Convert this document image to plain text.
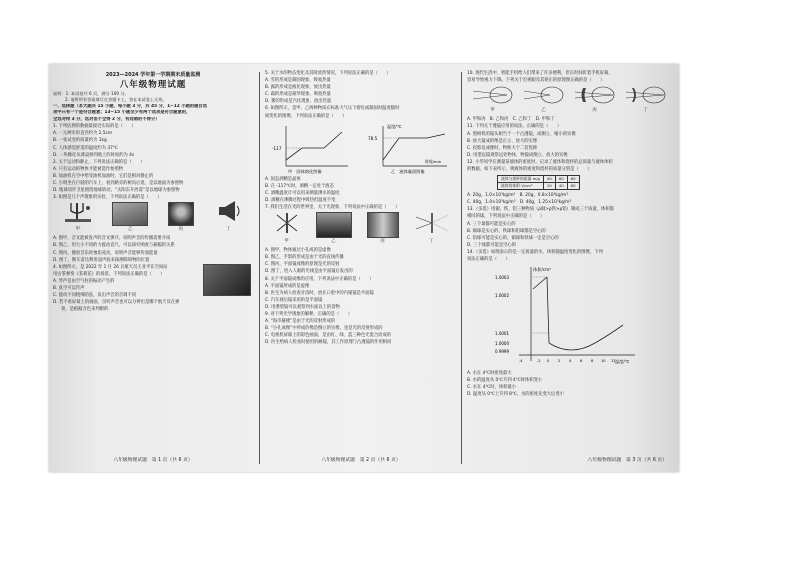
2023—2024 学年第一学期期末质量监测
八年级物理试题
说明：1. 本试卷共 6 页，满分 100 分。
2. 请将所有答案填写在答题卡上，答在本试卷上无效。
一、选择题（本大题共 15 小题，每小题 3 分，共 45 分，1~12 小题的题目选
项中只有一个是符合题意；13~15 小题至少有两个选项是符合题意的，
全选对得 3 分，选对但不全得 2 分，有选错的不得分）
1. 下列估测的数据最接近实际的是（　　）
A. 一元硬币的直径约为 2.5cm
B. 一张试卷的质量约为 1kg
C. 人体感觉舒适的温度约为 37℃
D. 一块橡皮从课桌掉到地上的时间约为 4s
2. 关于运动和静止，下列说法正确的是（　　）
A. 只有运动的物体才能被选作参照物
B. 加油机在空中给受油机加油时，它们是相对静止的
C. 小明坐在行驶的汽车上，看到路旁的树向后退，是以地面为参照物
D. 地球同步卫星围绕地球转动，“太阳东升西落”是以地球为参照物
3. 如图是几个声现象的实验，下列说法正确的是（　　）
甲	乙	丙	丁
A. 图甲，音叉能被发声的音叉弹开，说明声音的传播需要介质
B. 图乙，用大小不同的力拨动直尺，可以探究响度与振幅的关系
C. 图丙，播放音乐时烛焰晃动，说明声音能够传递能量
D. 图丁，倒车雷达利用超声波来探测障碍物的位置
4. 如图所示，是 2022 年 1 月 26 日航天员王亚平在空间站
用古筝弹奏《茉莉花》的场景，下列说法正确的是（　　）
A. 琴声是由空气柱的振动产生的
B. 真空可以传声
C. 拨动不同粗细的弦，发出声音的音调不同
D. 若不看屏幕上的画面，仅听声音也可以分辨出是哪个航天员在弹
奏，是根据音色来判断的
八年级物理试题　第 1 页（共 6 页）
5. 关于水的物态变化及其吸放热情况，下列说法正确的是（　　）
A. 雪的形成是凝固现象，吸收热量
B. 露的形成是液化现象，放出热量
C. 霜的形成是凝华现象，吸收热量
D. 雾的形成是汽化现象，放出热量
6. 如图所示，是甲、乙两种物质在标准大气压下熔化或凝固时温度随时
间变化的图像，下列说法正确的是（　　）
-117
甲　固体熔化图像
温度/℃
78.5
时间/min
乙　液体凝固图像
A. 固态酒精是晶体
B. 在 -117℃时，酒精一定处于液态
C. 酒精温度计可以用来测量沸水的温度
D. 酒精在沸腾过程中吸热但温度不变
7. 我们生活在光的世界里，关于光现象，下列说法中正确的是（　　）
甲	乙	丙	丁
A. 图甲，物体通过小孔成的是虚像
B. 图乙，手影的形成是由于光的直线传播
C. 图丙，平面镜成像的原理是光的反射
D. 图丁，进入人眼的光线是由平面镜后发出的
8. 关于平面镜成像的应用，下列说法中正确的是（　　）
A. 平面镜所成的是虚像
B. 医生为病人检查牙齿时，放在口腔中的内窥镜是平面镜
C. 汽车观后镜采用的是平面镜
D. 用潜望镜可以观察到水面以上的景物
9. 对下列光学现象的解释，正确的是（　　）
A. “海市蜃楼”是由于光的反射形成的
B. “小孔成像”中所成的像是倒立的实像，也是光的反射形成的
C. 电视机屏幕上的彩色画面，是由红、绿、蓝三种色光混合而成的
D. 医生给病人检查时使用的额镜，其工作原理与凸透镜的作用相同
八年级物理试题　第 2 页（共 6 页）
10. 现代生活中，智能手机给人们带来了许多便利，但长时间盯着手机屏幕，
容易导致视力下降。下列关于近视眼及其矫正的原理图正确的是（　　）
甲	乙	丙	丁
A. 甲和丙　B. 乙和丙　C. 乙和丁　D. 甲和丁
11. 下列关于透镜应用的说法，正确的是（　　）
A. 照相机的镜头相当于一个凸透镜，成倒立、缩小的实像
B. 放大镜成的像是正立、放大的实像
C. 投影仪成像时，物距大于二倍焦距
D. 用望远镜观察远处物体，物镜成倒立、放大的实像
12. 小华同学在测量某液体的密度时，记录了液体和烧杯的总质量与液体体积
的数据，如下表所示，则液体的密度和烧杯的质量分别是（　　）
液体与烧杯的质量 m/g	40	60	80
液体的体积 V/cm³	20	40	60
A. 20g，1.0×10³kg/m³　B. 20g，0.8×10³kg/m³
C. 40g，1.0×10³kg/m³　D. 40g，1.25×10³kg/m³
13.（多选）用铜、铁、铝三种物质（ρ铜>ρ铁>ρ铝）制成三个质量、体积都
相同的球，下列说法中正确的是（　　）
A. 三个球都可能是实心的
B. 铜球是实心的，铁球和铝球都是空心的
C. 铝球可能是实心的，铜球和铁球一定是空心的
D. 三个球都可能是空心的
14.（多选）如图表示的是一定质量的水，体积随温度变化的图像，下列
说法正确的是（　　）
体积/cm³
温度/℃
1.0003
1.0002
1.0001
1.0000
0.9999
-4	-2 0 2 4 6 8 10 12
A. 水在 4℃时密度最大
B. 水的温度从 0℃升到 4℃时体积变小
C. 水在 4℃时，体积最小
D. 温度从 0℃上升到 8℃，水的密度先变大后变小
八年级物理试题　第 3 页（共 6 页）
